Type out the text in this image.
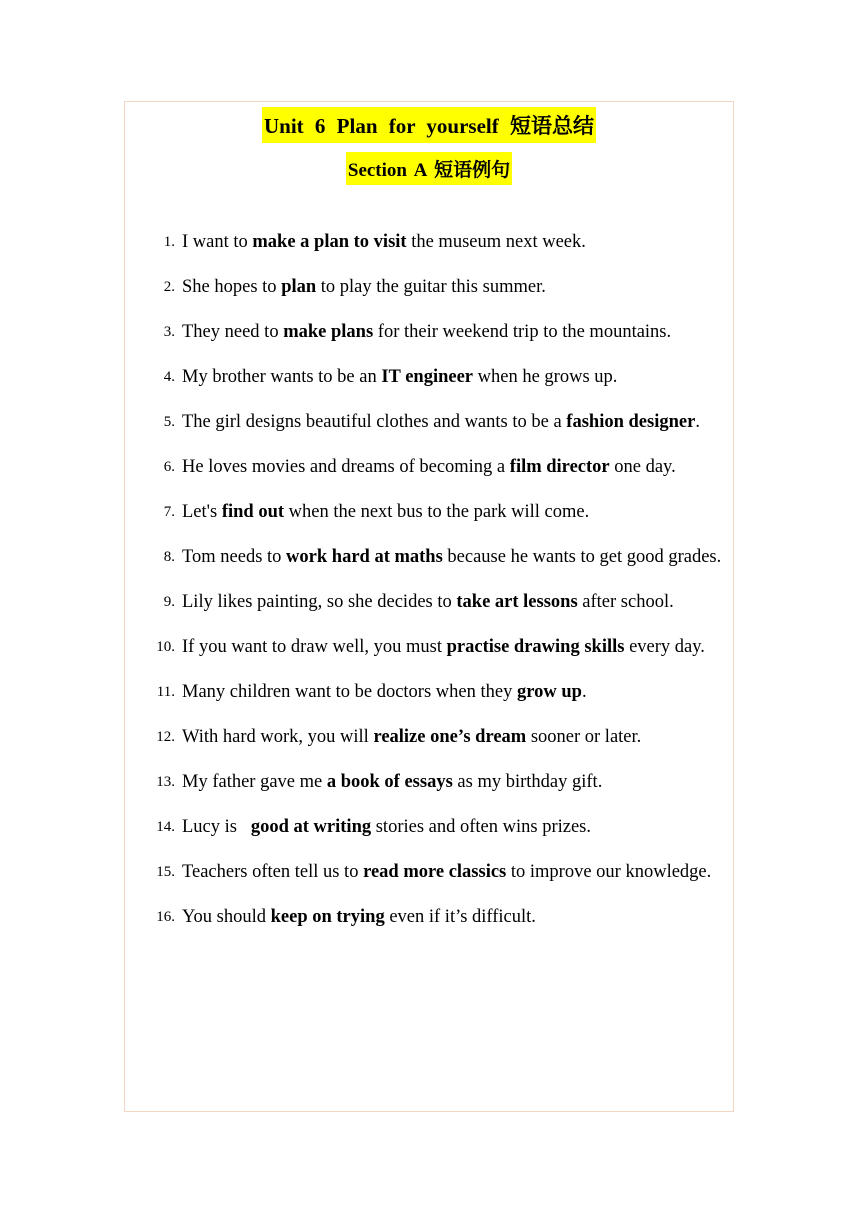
Unit 6 Plan for yourself 短语总结
Section A 短语例句
1. I want to make a plan to visit the museum next week.
2. She hopes to plan to play the guitar this summer.
3. They need to make plans for their weekend trip to the mountains.
4. My brother wants to be an IT engineer when he grows up.
5. The girl designs beautiful clothes and wants to be a fashion designer.
6. He loves movies and dreams of becoming a film director one day.
7. Let's find out when the next bus to the park will come.
8. Tom needs to work hard at maths because he wants to get good grades.
9. Lily likes painting, so she decides to take art lessons after school.
10. If you want to draw well, you must practise drawing skills every day.
11. Many children want to be doctors when they grow up.
12. With hard work, you will realize one’s dream sooner or later.
13. My father gave me a book of essays as my birthday gift.
14. Lucy is   good at writing stories and often wins prizes.
15. Teachers often tell us to read more classics to improve our knowledge.
16. You should keep on trying even if it’s difficult.
